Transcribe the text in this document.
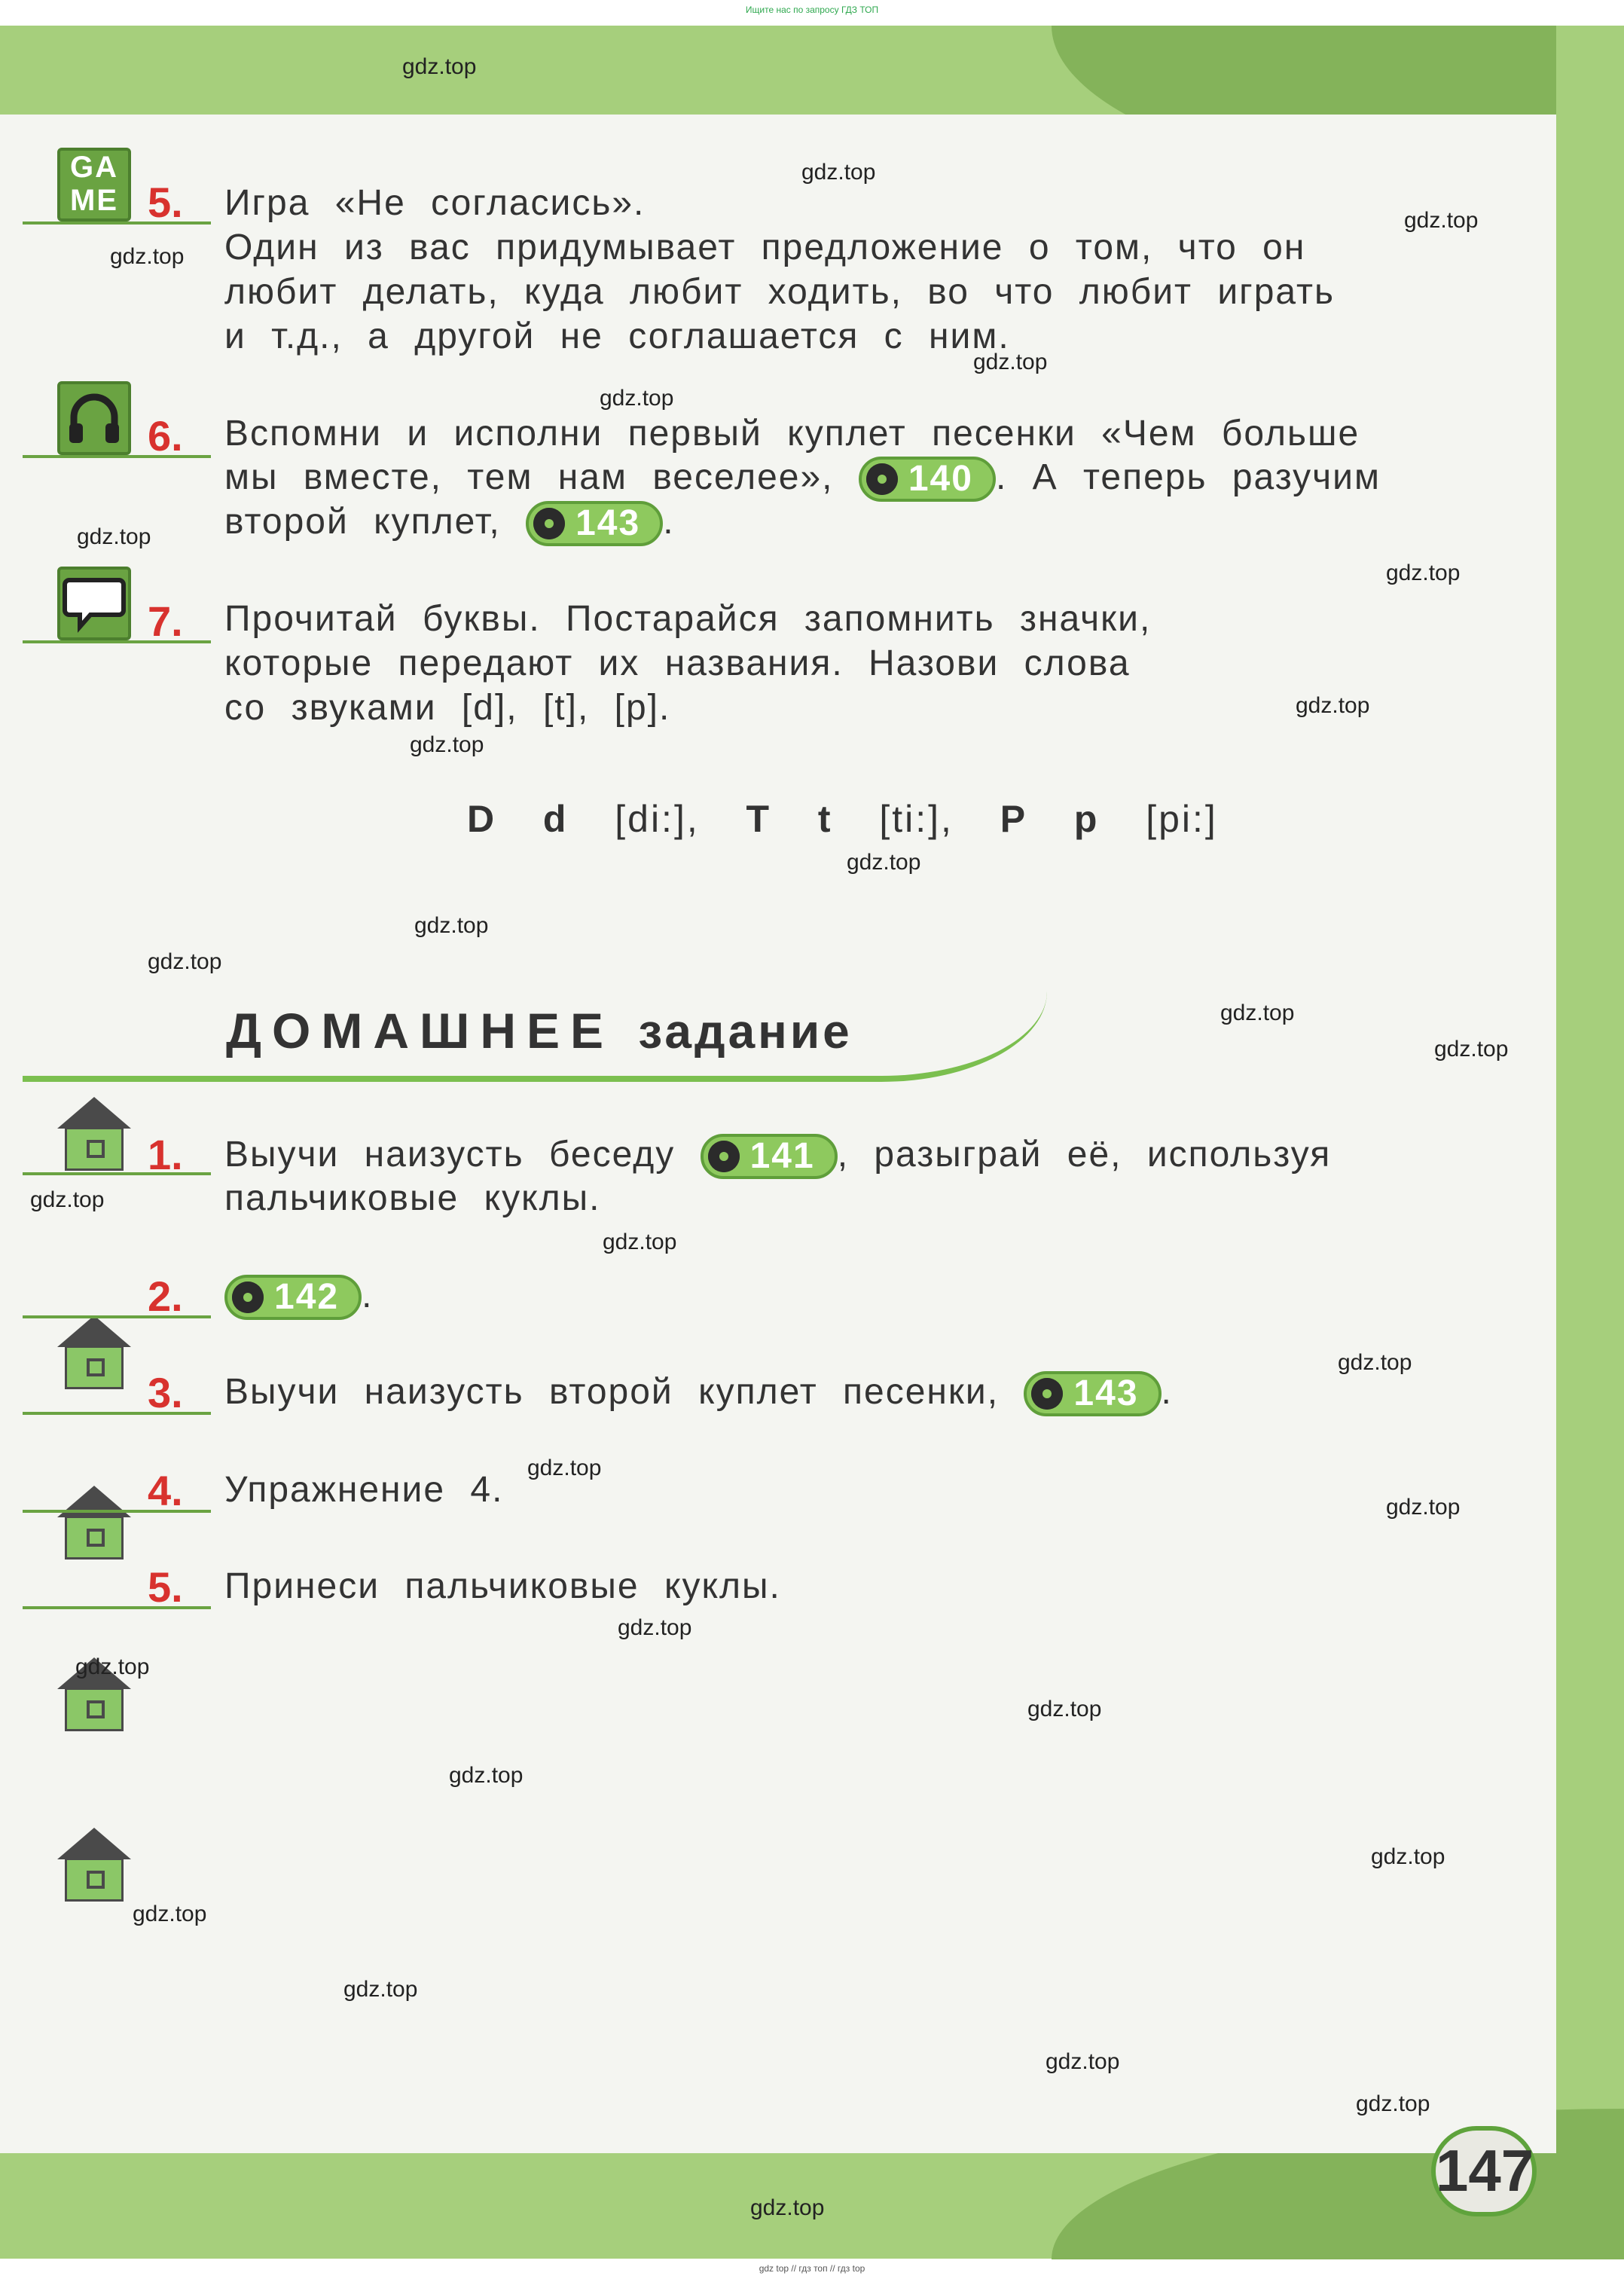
Ищите нас по запросу ГДЗ ТОП
GA
ME 5. Игра «Не согласись».
Один из вас придумывает предложение о том, что он
любит делать, куда любит ходить, во что любит играть
и т.д., а другой не соглашается с ним.
6. Вспомни и исполни первый куплет песенки «Чем больше
мы вместе, тем нам веселее», 140 . А теперь разучим
второй куплет, 143 .
7. Прочитай буквы. Постарайся запомнить значки,
которые передают их названия. Назови слова
со звуками [d], [t], [p].
D d [di:], T t [ti:], P p [pi:]
ДОМАШНЕЕ задание
1. Выучи наизусть беседу 141 , разыграй её, используя
пальчиковые куклы.
2.	142 .
3. Выучи наизусть второй куплет песенки, 143 .
4. Упражнение 4.
5. Принеси пальчиковые куклы.
147
gdz top // гдз топ // гдз top
gdz.top
gdz.top
gdz.top
gdz.top
gdz.top
gdz.top
gdz.top
gdz.top
gdz.top
gdz.top
gdz.top
gdz.top
gdz.top
gdz.top
gdz.top
gdz.top
gdz.top
gdz.top
gdz.top
gdz.top
gdz.top
gdz.top
gdz.top
gdz.top
gdz.top
gdz.top
gdz.top
gdz.top
gdz.top
gdz.top
